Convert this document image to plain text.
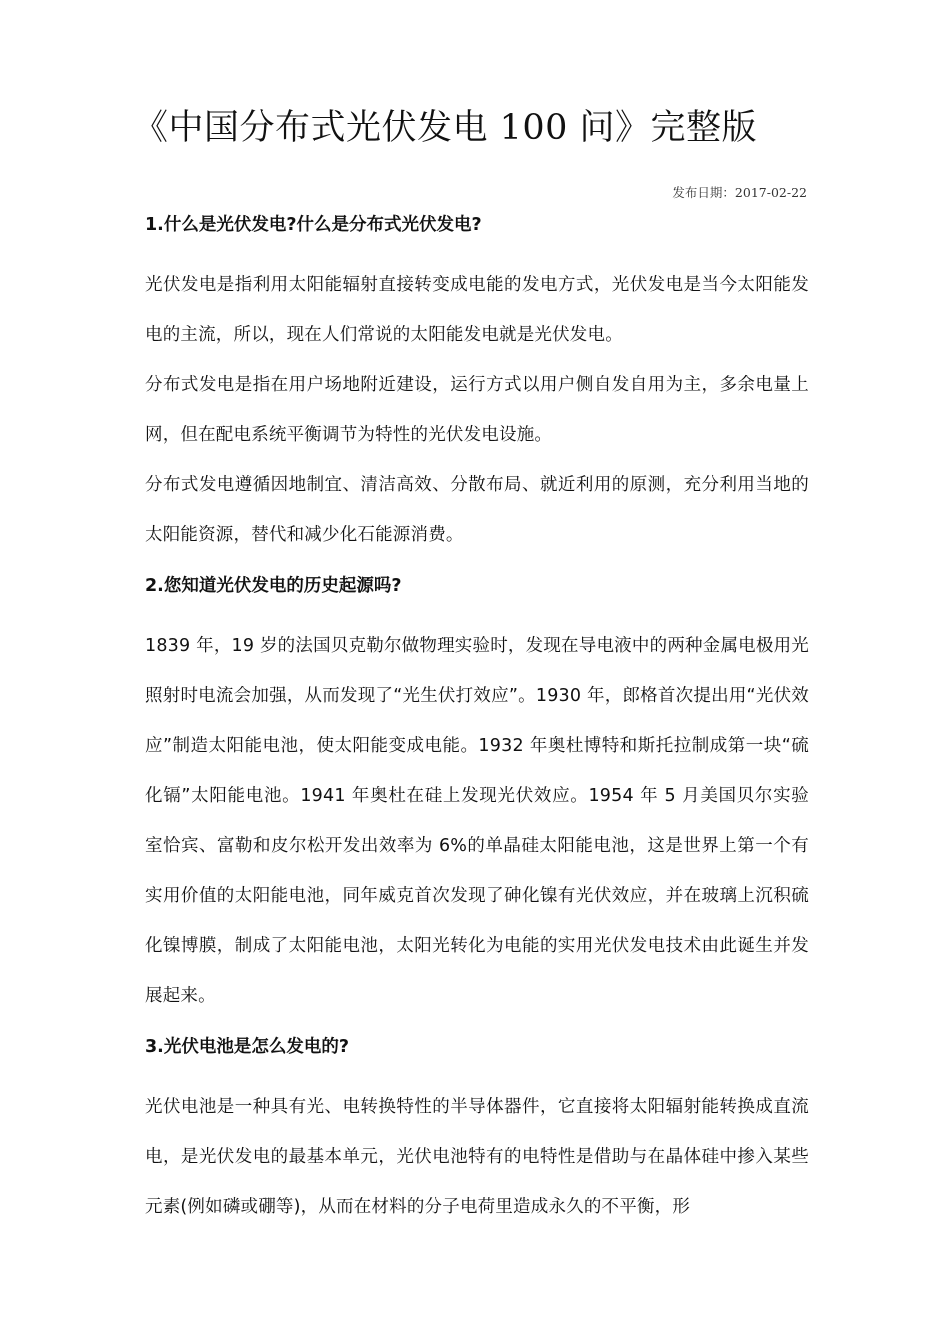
《中国分布式光伏发电 100 问》完整版
发布日期：2017-02-22
1.什么是光伏发电?什么是分布式光伏发电?

光伏发电是指利用太阳能辐射直接转变成电能的发电方式，光伏发电是当今太阳能发电的主流，所以，现在人们常说的太阳能发电就是光伏发电。

分布式发电是指在用户场地附近建设，运行方式以用户侧自发自用为主，多余电量上网，但在配电系统平衡调节为特性的光伏发电设施。

分布式发电遵循因地制宜、清洁高效、分散布局、就近利用的原测，充分利用当地的太阳能资源，替代和减少化石能源消费。

2.您知道光伏发电的历史起源吗?

1839 年，19 岁的法国贝克勒尔做物理实验时，发现在导电液中的两种金属电极用光照射时电流会加强，从而发现了“光生伏打效应”。1930 年，郎格首次提出用“光伏效应”制造太阳能电池，使太阳能变成电能。1932 年奥杜博特和斯托拉制成第一块“硫化镉”太阳能电池。1941 年奥杜在硅上发现光伏效应。1954 年 5 月美国贝尔实验室恰宾、富勒和皮尔松开发出效率为 6%的单晶硅太阳能电池，这是世界上第一个有实用价值的太阳能电池，同年威克首次发现了砷化镍有光伏效应，并在玻璃上沉积硫化镍博膜，制成了太阳能电池，太阳光转化为电能的实用光伏发电技术由此诞生并发展起来。

3.光伏电池是怎么发电的?

光伏电池是一种具有光、电转换特性的半导体器件，它直接将太阳辐射能转换成直流电，是光伏发电的最基本单元，光伏电池特有的电特性是借助与在晶体硅中掺入某些元素(例如磷或硼等)，从而在材料的分子电荷里造成永久的不平衡，形
